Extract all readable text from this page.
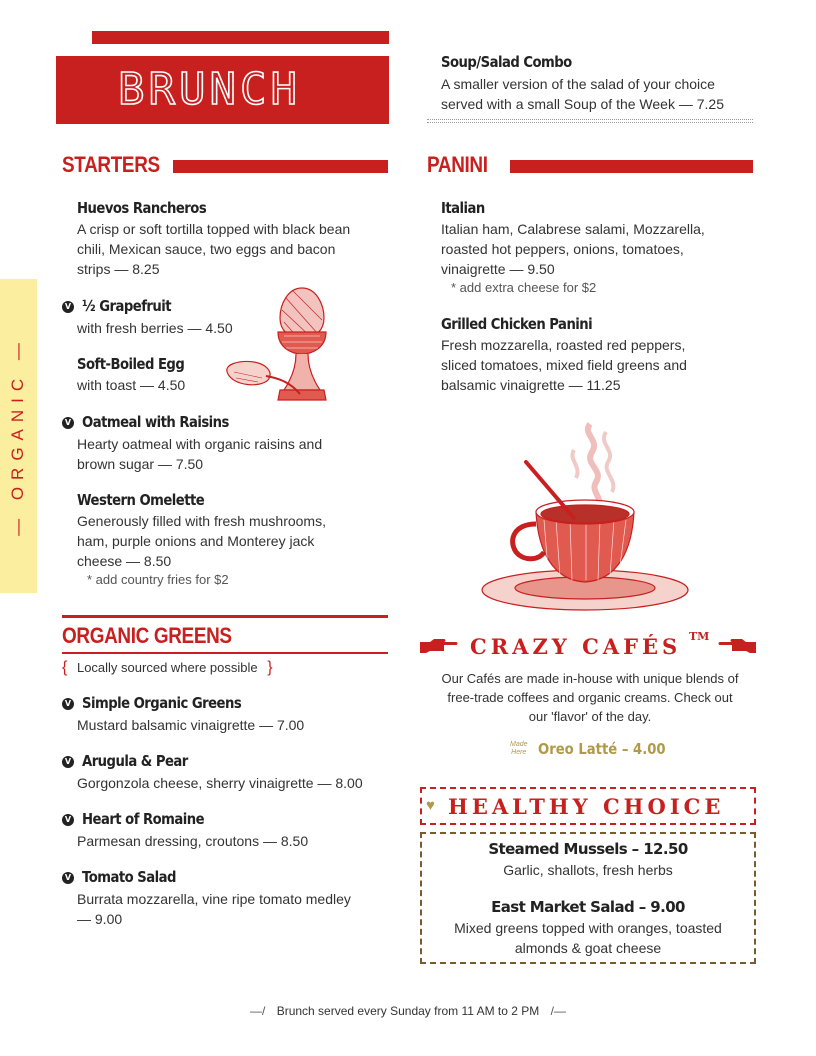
BRUNCH
— ORGANIC —
Soup/Salad Combo
A smaller version of the salad of your choice
served with a small Soup of the Week — 7.25
STARTERS
Huevos Rancheros
A crisp or soft tortilla topped with black bean
chili, Mexican sauce, two eggs and bacon
strips — 8.25
V ½ Grapefruit
with fresh berries — 4.50
Soft-Boiled Egg
with toast — 4.50
V Oatmeal with Raisins
Hearty oatmeal with organic raisins and
brown sugar — 7.50
Western Omelette
Generously filled with fresh mushrooms,
ham, purple onions and Monterey jack
cheese — 8.50
* add country fries for $2
ORGANIC GREENS
{ Locally sourced where possible }
V Simple Organic Greens
Mustard balsamic vinaigrette — 7.00
V Arugula & Pear
Gorgonzola cheese, sherry vinaigrette — 8.00
V Heart of Romaine
Parmesan dressing, croutons — 8.50
V Tomato Salad
Burrata mozzarella, vine ripe tomato medley
— 9.00
PANINI
Italian
Italian ham, Calabrese salami, Mozzarella,
roasted hot peppers, onions, tomatoes,
vinaigrette — 9.50
* add extra cheese for $2
Grilled Chicken Panini
Fresh mozzarella, roasted red peppers,
sliced tomatoes, mixed field greens and
balsamic vinaigrette — 11.25
CRAZY CAFÉS TM
Our Cafés are made in-house with unique blends of
free-trade coffees and organic creams. Check out
our 'flavor' of the day.
Made
Here Oreo Latté – 4.00
♥ HEALTHY CHOICE
Steamed Mussels – 12.50
Garlic, shallots, fresh herbs
East Market Salad – 9.00
Mixed greens topped with oranges, toasted
almonds & goat cheese
—/ Brunch served every Sunday from 11 AM to 2 PM /—
